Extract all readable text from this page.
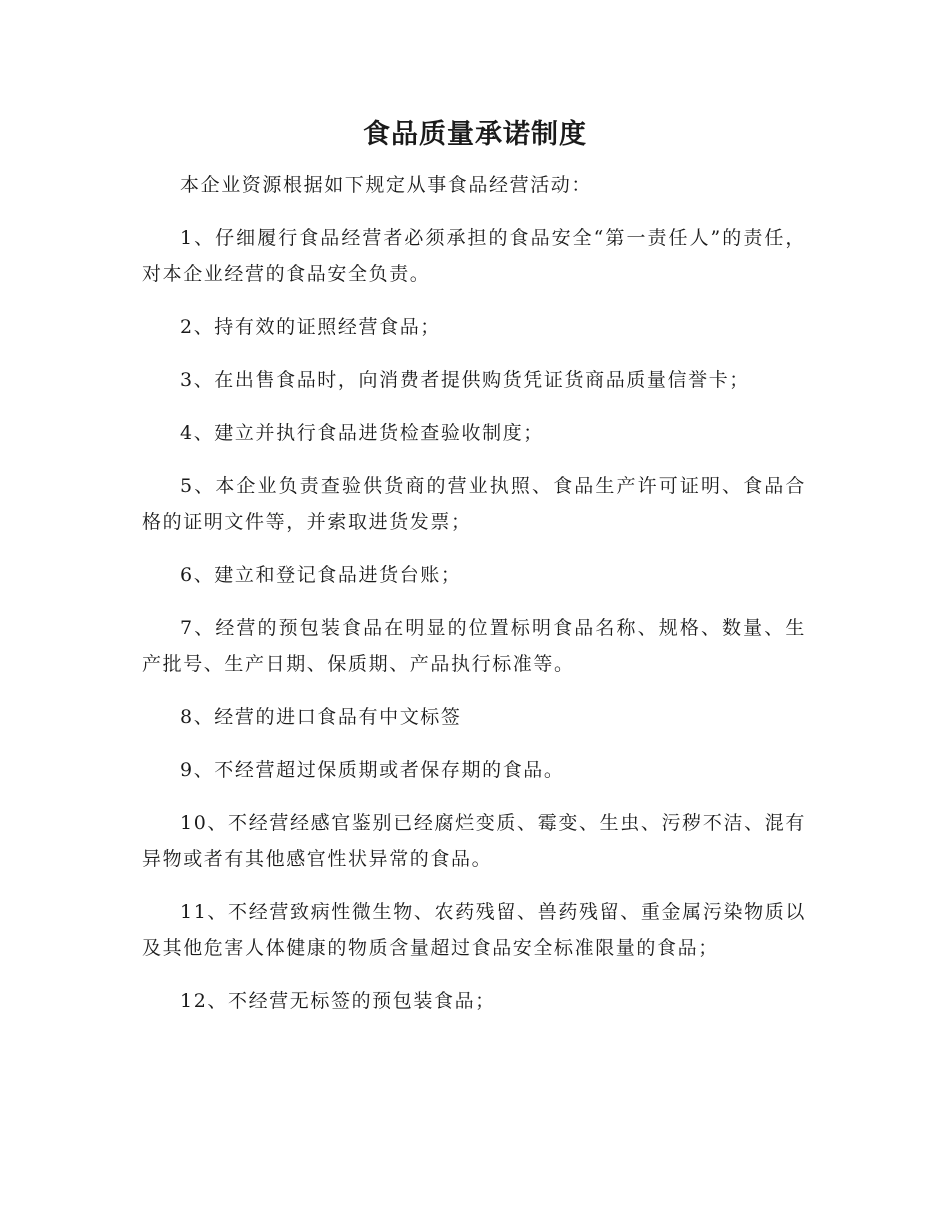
食品质量承诺制度

本企业资源根据如下规定从事食品经营活动：

1、仔细履行食品经营者必须承担的食品安全“第一责任人”的责任，对本企业经营的食品安全负责。

2、持有效的证照经营食品；

3、在出售食品时，向消费者提供购货凭证货商品质量信誉卡；

4、建立并执行食品进货检查验收制度；

5、本企业负责查验供货商的营业执照、食品生产许可证明、食品合格的证明文件等，并索取进货发票；

6、建立和登记食品进货台账；

7、经营的预包装食品在明显的位置标明食品名称、规格、数量、生产批号、生产日期、保质期、产品执行标准等。

8、经营的进口食品有中文标签

9、不经营超过保质期或者保存期的食品。

10、不经营经感官鉴别已经腐烂变质、霉变、生虫、污秽不洁、混有异物或者有其他感官性状异常的食品。

11、不经营致病性微生物、农药残留、兽药残留、重金属污染物质以及其他危害人体健康的物质含量超过食品安全标准限量的食品；

12、不经营无标签的预包装食品；
